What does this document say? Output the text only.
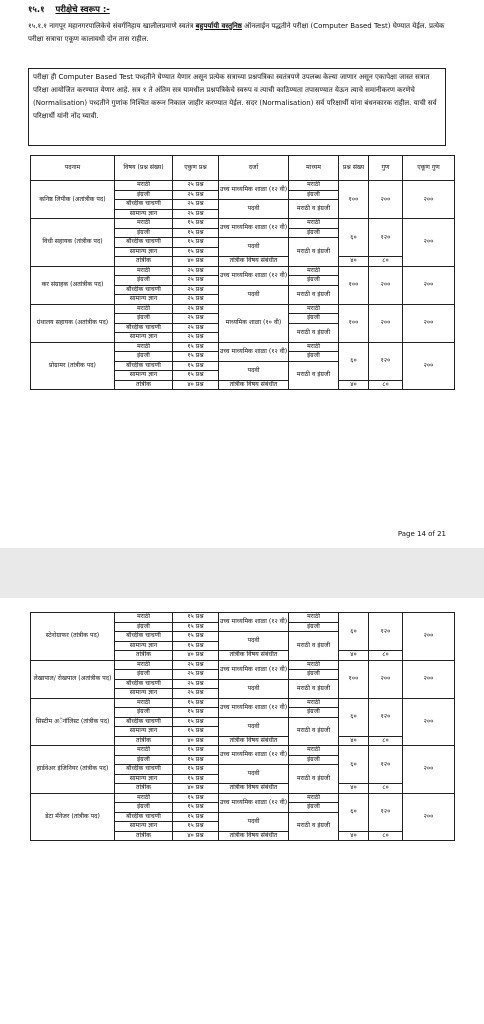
१५.१ परीक्षेचे स्वरूप :-
१५.१.१ नागपूर महानगरपालिकेचे संवर्गनिहाय खालीलप्रमाणे स्वतंत्र बहुपर्यायी वस्तुनिष्ठ ऑनलाईन पद्धतीने परीक्षा (Computer Based Test) घेण्यात येईल. प्रत्येक परीक्षा सत्राचा एकूण कालावधी दोन तास राहील.
परीक्षा ही Computer Based Test पध्दतीने घेण्यात येणार असून प्रत्येक सत्राच्या प्रश्नपत्रिका स्वतंत्रपणे उपलब्ध केल्या जाणार असून एकापेक्षा जास्त सत्रात परिक्षा आयोजित करण्यात येणार आहे. सत्र १ ते अंतिम सत्र यामधील प्रश्नपत्रिकेचे स्वरुप व त्याची काठिण्यता तपासण्यात येऊन त्याचे समानीकरण करणेचे (Normalisation) पध्दतीने गुणांक निश्चित करून निकाल जाहीर करण्यात येईल. सदर (Normalisation) सर्व परिक्षार्थी यांना बंधनकारक राहील. याची सर्व परिक्षार्थी यांनी नोंद घ्यावी.
पदनाम	विषय (प्रश्न संख्य)	एकुण प्रश्न	दर्जा	माध्यम	प्रश्न संख्य	गुण	एकूण गुण
कनिष्ठ लिपीक (अतांत्रीक पद)	मराठी	२५ प्रश्न	उच्च माध्यमिक शाळा (१२ वी)	मराठी	१००	२००	२००
	इंग्रजी	२५ प्रश्न		इंग्रजी			
	बौध्दीक चाचणी	२५ प्रश्न	पदवी	मराठी व इंग्रजी			
	सामान्य ज्ञान	२५ प्रश्न					
विधी सहायक (तांत्रीक पद)	मराठी	१५ प्रश्न	उच्च माध्यमिक शाळा (१२ वी)	मराठी	६०	१२०	२००
	इंग्रजी	१५ प्रश्न		इंग्रजी			
	बौध्दीक चाचणी	१५ प्रश्न	पदवी	मराठी व इंग्रजी			
	सामान्य ज्ञान	१५ प्रश्न					
	तांत्रीक	४० प्रश्न	तांत्रीक विषय संबंधीत		४०	८०	
कर संग्राहक (अतांत्रीक पद)	मराठी	२५ प्रश्न	उच्च माध्यमिक शाळा (१२ वी)	मराठी	१००	२००	२००
	इंग्रजी	२५ प्रश्न		इंग्रजी			
	बौध्दीक चाचणी	२५ प्रश्न	पदवी	मराठी व इंग्रजी			
	सामान्य ज्ञान	२५ प्रश्न					
ग्रंथालय सहायक (अतांत्रीक पद)	मराठी	२५ प्रश्न	माध्यमिक शाळा (१० वी)	मराठी	१००	२००	२००
	इंग्रजी	२५ प्रश्न		इंग्रजी			
	बौध्दीक चाचणी	२५ प्रश्न		मराठी व इंग्रजी			
	सामान्य ज्ञान	२५ प्रश्न					
प्रोग्रामर (तांत्रीक पद)	मराठी	१५ प्रश्न	उच्च माध्यमिक शाळा (१२ वी)	मराठी	६०	१२०	२००
	इंग्रजी	१५ प्रश्न		इंग्रजी			
	बौध्दीक चाचणी	१५ प्रश्न	पदवी	मराठी व इंग्रजी			
	सामान्य ज्ञान	१५ प्रश्न					
	तांत्रीक	४० प्रश्न	तांत्रीक विषय संबंधीत		४०	८०	
Page 14 of 21
स्टेनोग्राफर (तांत्रीक पद)	मराठी	१५ प्रश्न	उच्च माध्यमिक शाळा (१२ वी)	मराठी	६०	१२०	२००
	इंग्रजी	१५ प्रश्न		इंग्रजी			
	बौध्दीक चाचणी	१५ प्रश्न	पदवी	मराठी व इंग्रजी			
	सामान्य ज्ञान	१५ प्रश्न					
	तांत्रीक	४० प्रश्न	तांत्रीक विषय संबंधीत		४०	८०	
लेखापाल/ रोखपाल (अतांत्रीक पद)	मराठी	२५ प्रश्न	उच्च माध्यमिक शाळा (१२ वी)	मराठी	१००	२००	२००
	इंग्रजी	२५ प्रश्न		इंग्रजी			
	बौध्दीक चाचणी	२५ प्रश्न	पदवी	मराठी व इंग्रजी			
	सामान्य ज्ञान	२५ प्रश्न					
सिस्टीम अॅनॉलिस्ट (तांत्रीक पद)	मराठी	१५ प्रश्न	उच्च माध्यमिक शाळा (१२ वी)	मराठी	६०	१२०	२००
	इंग्रजी	१५ प्रश्न		इंग्रजी			
	बौध्दीक चाचणी	१५ प्रश्न	पदवी	मराठी व इंग्रजी			
	सामान्य ज्ञान	१५ प्रश्न					
	तांत्रीक	४० प्रश्न	तांत्रीक विषय संबंधीत		४०	८०	
हार्डवेअर इंजिनियर (तांत्रीक पद)	मराठी	१५ प्रश्न	उच्च माध्यमिक शाळा (१२ वी)	मराठी	६०	१२०	२००
	इंग्रजी	१५ प्रश्न		इंग्रजी			
	बौध्दीक चाचणी	१५ प्रश्न	पदवी	मराठी व इंग्रजी			
	सामान्य ज्ञान	१५ प्रश्न					
	तांत्रीक	४० प्रश्न	तांत्रीक विषय संबंधीत		४०	८०	
डेटा मॅनेजर (तांत्रीक पद)	मराठी	१५ प्रश्न	उच्च माध्यमिक शाळा (१२ वी)	मराठी	६०	१२०	२००
	इंग्रजी	१५ प्रश्न		इंग्रजी			
	बौध्दीक चाचणी	१५ प्रश्न	पदवी	मराठी व इंग्रजी			
	सामान्य ज्ञान	१५ प्रश्न					
	तांत्रीक	४० प्रश्न	तांत्रीक विषय संबंधीत		४०	८०	
